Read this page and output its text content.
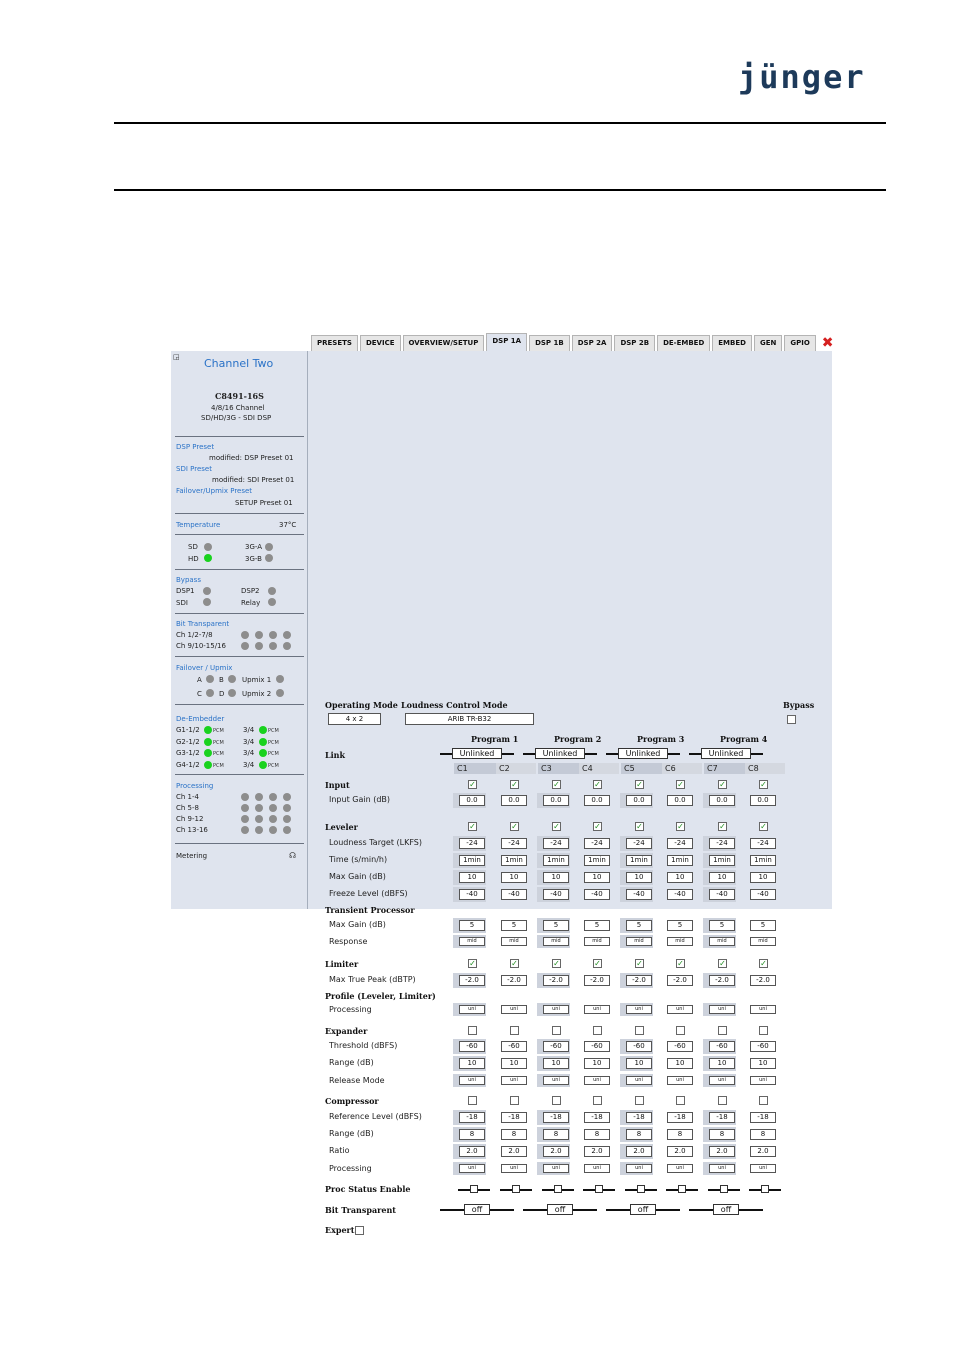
jünger
PRESETS	DEVICE	OVERVIEW/SETUP	DSP 1A	DSP 1B	DSP 2A	DSP 2B	DE-EMBED	EMBED	GEN	GPIO ✖
◲ Channel Two
C8491-16S
4/8/16 Channel
SD/HD/3G - SDI DSP
DSP Preset
modified: DSP Preset 01
SDI Preset
modified: SDI Preset 01
Failover/Upmix Preset
SETUP Preset 01
Temperature	37°C
SD	3G-A
HD	3G-B
Bypass
DSP1	DSP2
SDI	Relay
Bit Transparent
Ch 1/2-7/8
Ch 9/10-15/16
Failover / Upmix
A B	Upmix 1
C D	Upmix 2
De-Embedder
G1-1/2	PCM	3/4	PCM
G2-1/2	PCM	3/4	PCM
G3-1/2	PCM	3/4	PCM
G4-1/2	PCM	3/4	PCM
Processing
Ch 1-4
Ch 5-8
Ch 9-12
Ch 13-16
Metering	☊
Operating Mode
4 x 2
Loudness Control Mode
ARIB TR-B32
Bypass
Program 1	Program 2	Program 3	Program 4
Link	Unlinked	Unlinked	Unlinked	Unlinked
C1	C2	C3	C4	C5	C6	C7	C8
Input	✓	✓	✓	✓	✓	✓	✓	✓
Input Gain (dB)	0.0	0.0	0.0	0.0	0.0	0.0	0.0	0.0
Leveler	✓	✓	✓	✓	✓	✓	✓	✓
Loudness Target (LKFS)	-24	-24	-24	-24	-24	-24	-24	-24
Time (s/min/h)	1min	1min	1min	1min	1min	1min	1min	1min
Max Gain (dB)	10	10	10	10	10	10	10	10
Freeze Level (dBFS)	-40	-40	-40	-40	-40	-40	-40	-40
Transient Processor
Max Gain (dB)	5	5	5	5	5	5	5	5
Response	mid	mid	mid	mid	mid	mid	mid	mid
Limiter	✓	✓	✓	✓	✓	✓	✓	✓
Max True Peak (dBTP)	-2.0	-2.0	-2.0	-2.0	-2.0	-2.0	-2.0	-2.0
Profile (Leveler, Limiter)
Processing	uni	uni	uni	uni	uni	uni	uni	uni
Expander
Threshold (dBFS)	-60	-60	-60	-60	-60	-60	-60	-60
Range (dB)	10	10	10	10	10	10	10	10
Release Mode	uni	uni	uni	uni	uni	uni	uni	uni
Compressor
Reference Level (dBFS)	-18	-18	-18	-18	-18	-18	-18	-18
Range (dB)	8	8	8	8	8	8	8	8
Ratio	2.0	2.0	2.0	2.0	2.0	2.0	2.0	2.0
Processing	uni	uni	uni	uni	uni	uni	uni	uni
Proc Status Enable
Bit Transparent	off	off	off	off
Expert
